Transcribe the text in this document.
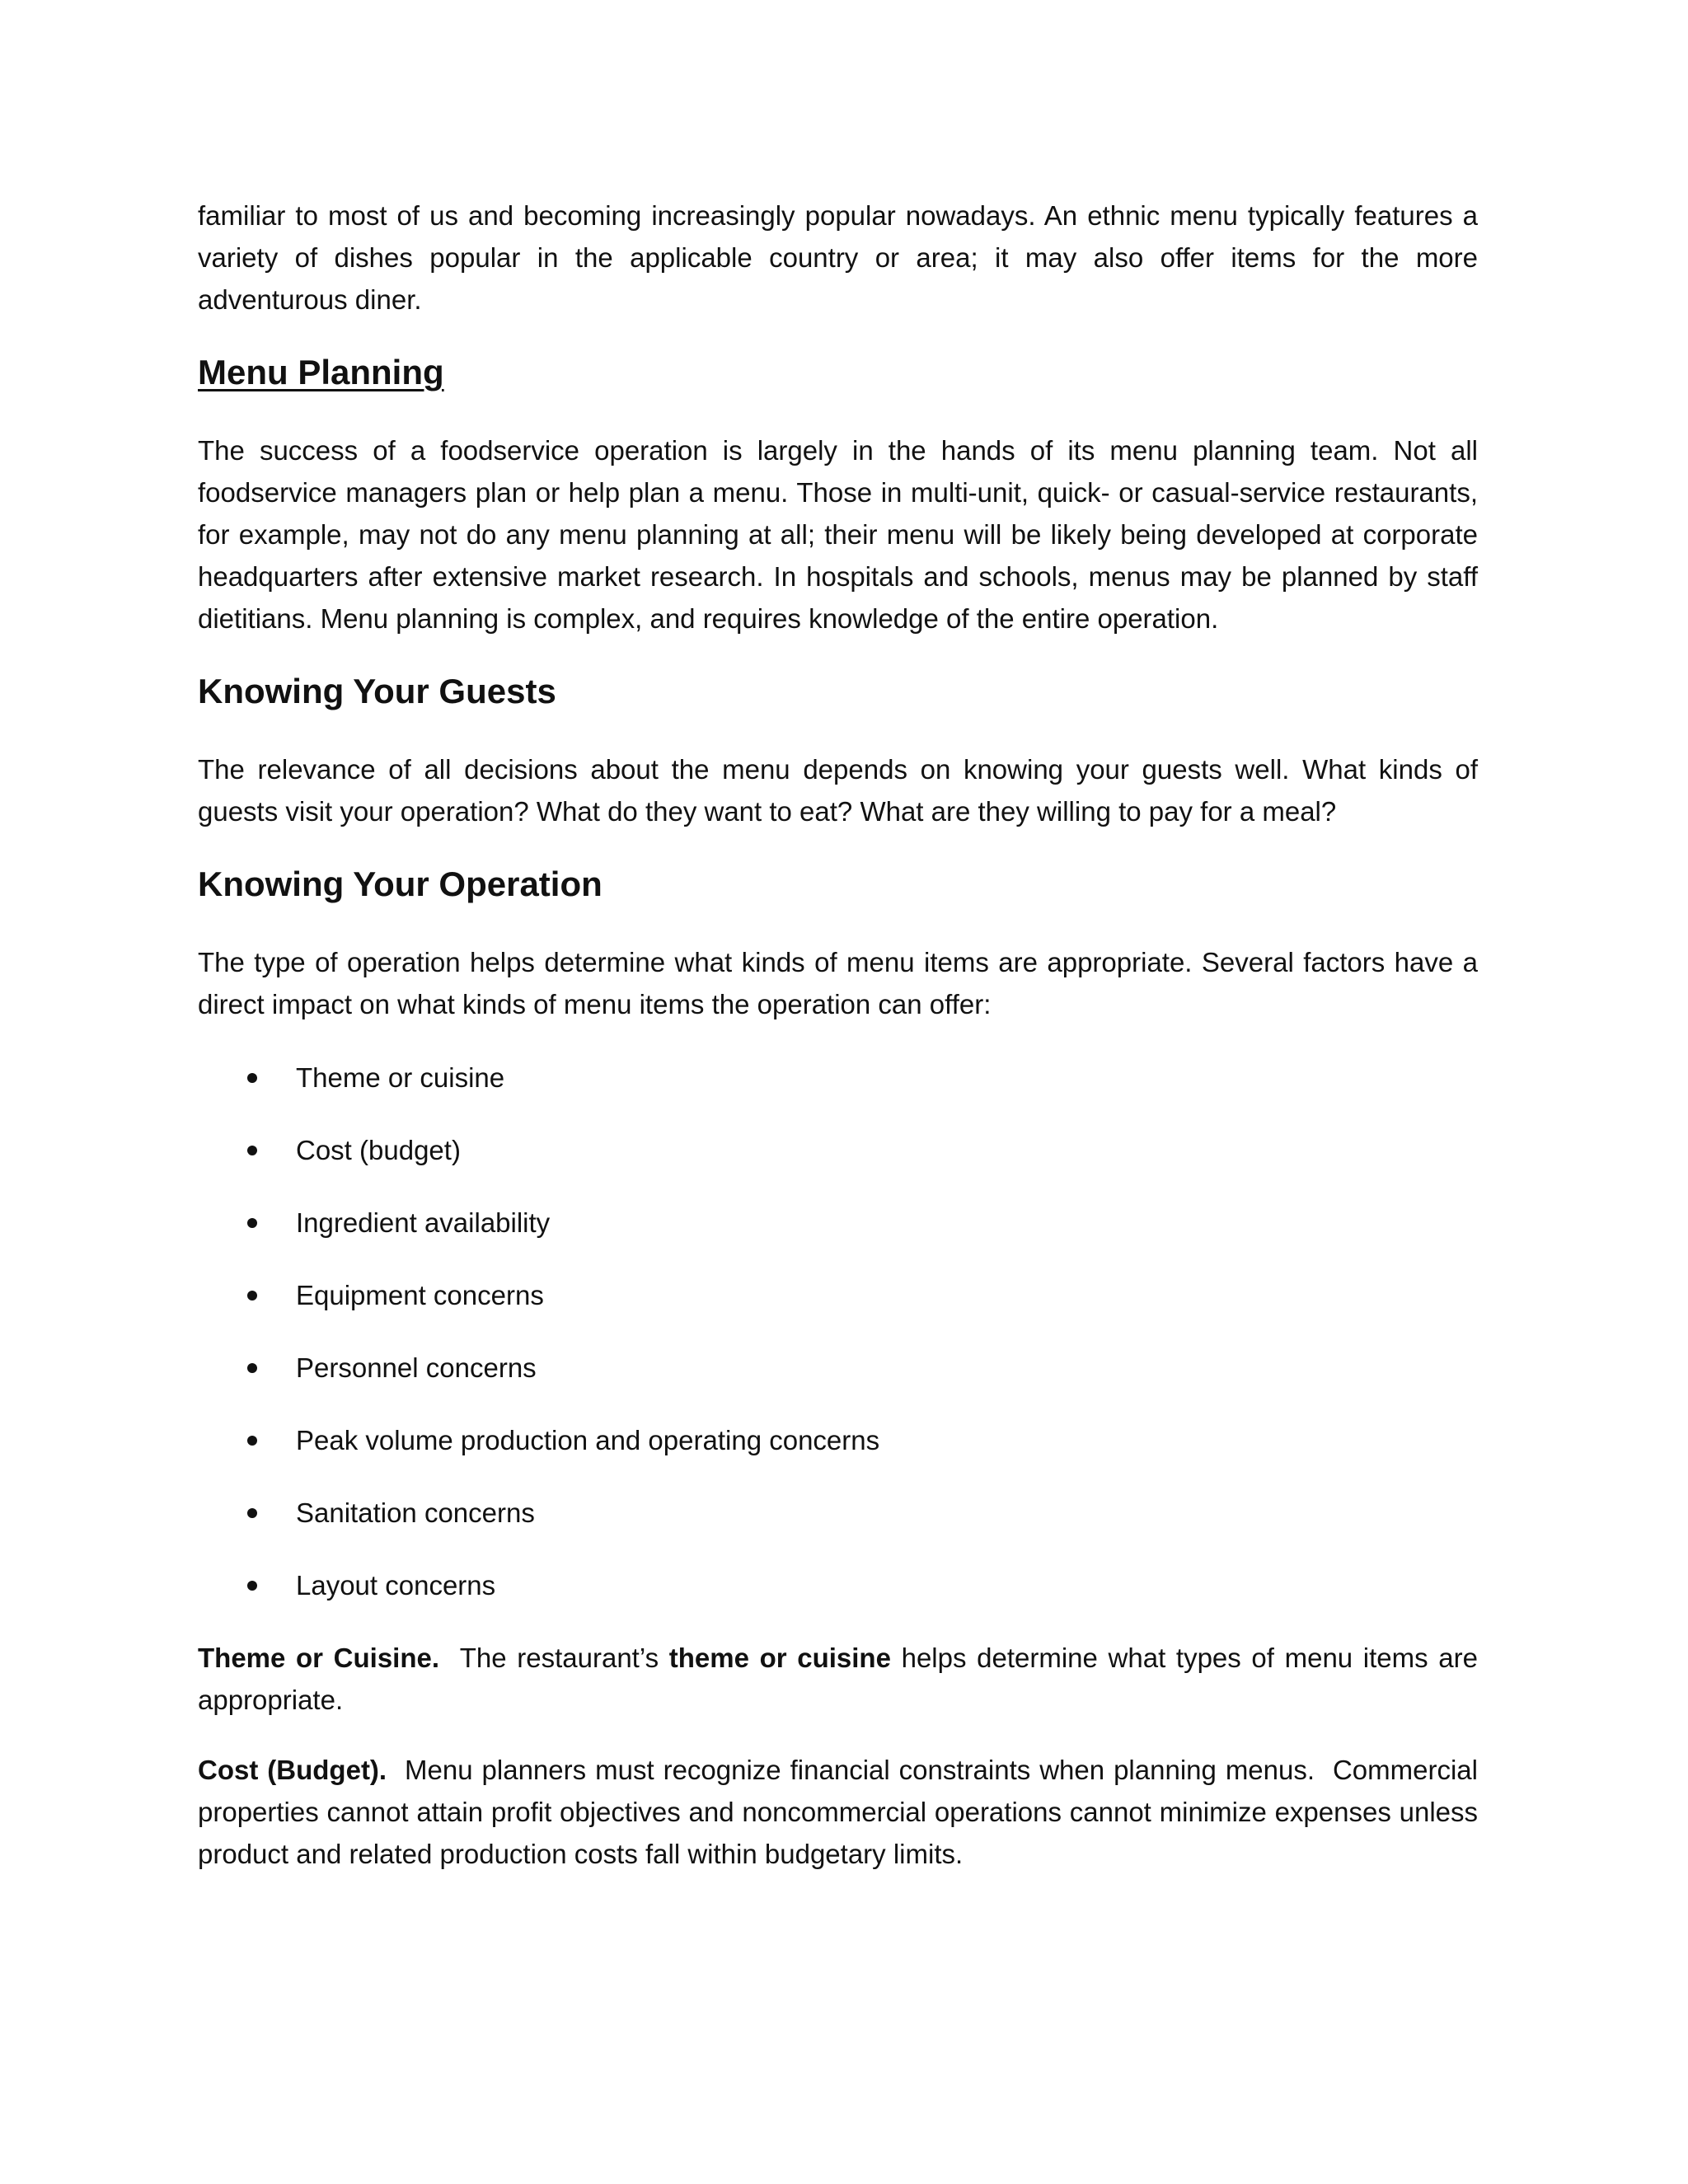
familiar to most of us and becoming increasingly popular nowadays. An ethnic menu typically features a variety of dishes popular in the applicable country or area; it may also offer items for the more adventurous diner.

Menu Planning

The success of a foodservice operation is largely in the hands of its menu planning team. Not all foodservice managers plan or help plan a menu. Those in multi-unit, quick- or casual-service restaurants, for example, may not do any menu planning at all; their menu will be likely being developed at corporate headquarters after extensive market research. In hospitals and schools, menus may be planned by staff dietitians. Menu planning is complex, and requires knowledge of the entire operation.

Knowing Your Guests

The relevance of all decisions about the menu depends on knowing your guests well. What kinds of guests visit your operation? What do they want to eat? What are they willing to pay for a meal?

Knowing Your Operation

The type of operation helps determine what kinds of menu items are appropriate. Several factors have a direct impact on what kinds of menu items the operation can offer:

Theme or cuisine
Cost (budget)
Ingredient availability
Equipment concerns
Personnel concerns
Peak volume production and operating concerns
Sanitation concerns
Layout concerns

Theme or Cuisine.  The restaurant’s theme or cuisine helps determine what types of menu items are appropriate.

Cost (Budget).  Menu planners must recognize financial constraints when planning menus.  Commercial properties cannot attain profit objectives and noncommercial operations cannot minimize expenses unless product and related production costs fall within budgetary limits.
